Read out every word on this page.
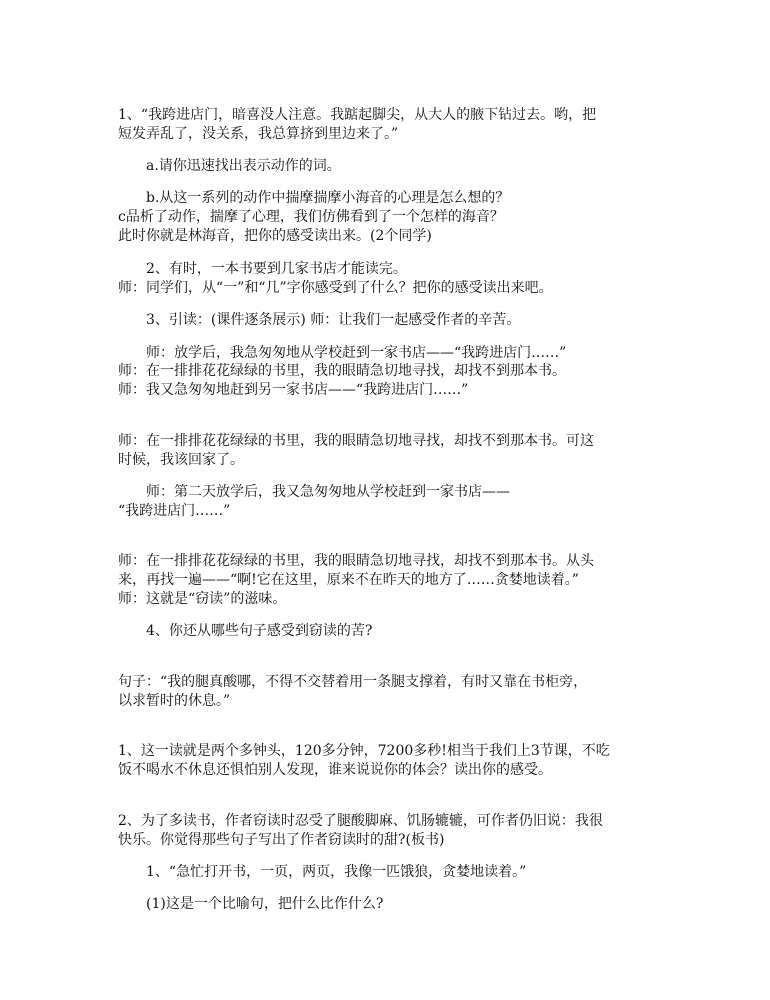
1、“我跨进店门，暗喜没人注意。我踮起脚尖，从大人的腋下钻过去。哟，把
短发弄乱了，没关系，我总算挤到里边来了。”
a.请你迅速找出表示动作的词。
b.从这一系列的动作中揣摩揣摩小海音的心理是怎么想的？
c品析了动作，揣摩了心理，我们仿佛看到了一个怎样的海音？
此时你就是林海音，把你的感受读出来。(2个同学)
2、有时，一本书要到几家书店才能读完。
师：同学们，从“一”和“几”字你感受到了什么？把你的感受读出来吧。
3、引读：(课件逐条展示) 师：让我们一起感受作者的辛苦。
师：放学后，我急匆匆地从学校赶到一家书店——“我跨进店门……”
师：在一排排花花绿绿的书里，我的眼睛急切地寻找，却找不到那本书。
师：我又急匆匆地赶到另一家书店——“我跨进店门……”
师：在一排排花花绿绿的书里，我的眼睛急切地寻找，却找不到那本书。可这
时候，我该回家了。
师：第二天放学后，我又急匆匆地从学校赶到一家书店——
“我跨进店门……”
师：在一排排花花绿绿的书里，我的眼睛急切地寻找，却找不到那本书。从头
来，再找一遍——“啊!它在这里，原来不在昨天的地方了……贪婪地读着。”
师：这就是“窃读”的滋味。
4、你还从哪些句子感受到窃读的苦?
句子：“我的腿真酸哪，不得不交替着用一条腿支撑着，有时又靠在书柜旁，
以求暂时的休息。”
1、这一读就是两个多钟头，120多分钟，7200多秒!相当于我们上3节课，不吃
饭不喝水不休息还惧怕别人发现，谁来说说你的体会？读出你的感受。
2、为了多读书，作者窃读时忍受了腿酸脚麻、饥肠辘辘，可作者仍旧说：我很
快乐。你觉得那些句子写出了作者窃读时的甜?(板书)
1、“急忙打开书，一页，两页，我像一匹饿狼，贪婪地读着。”
(1)这是一个比喻句，把什么比作什么?
